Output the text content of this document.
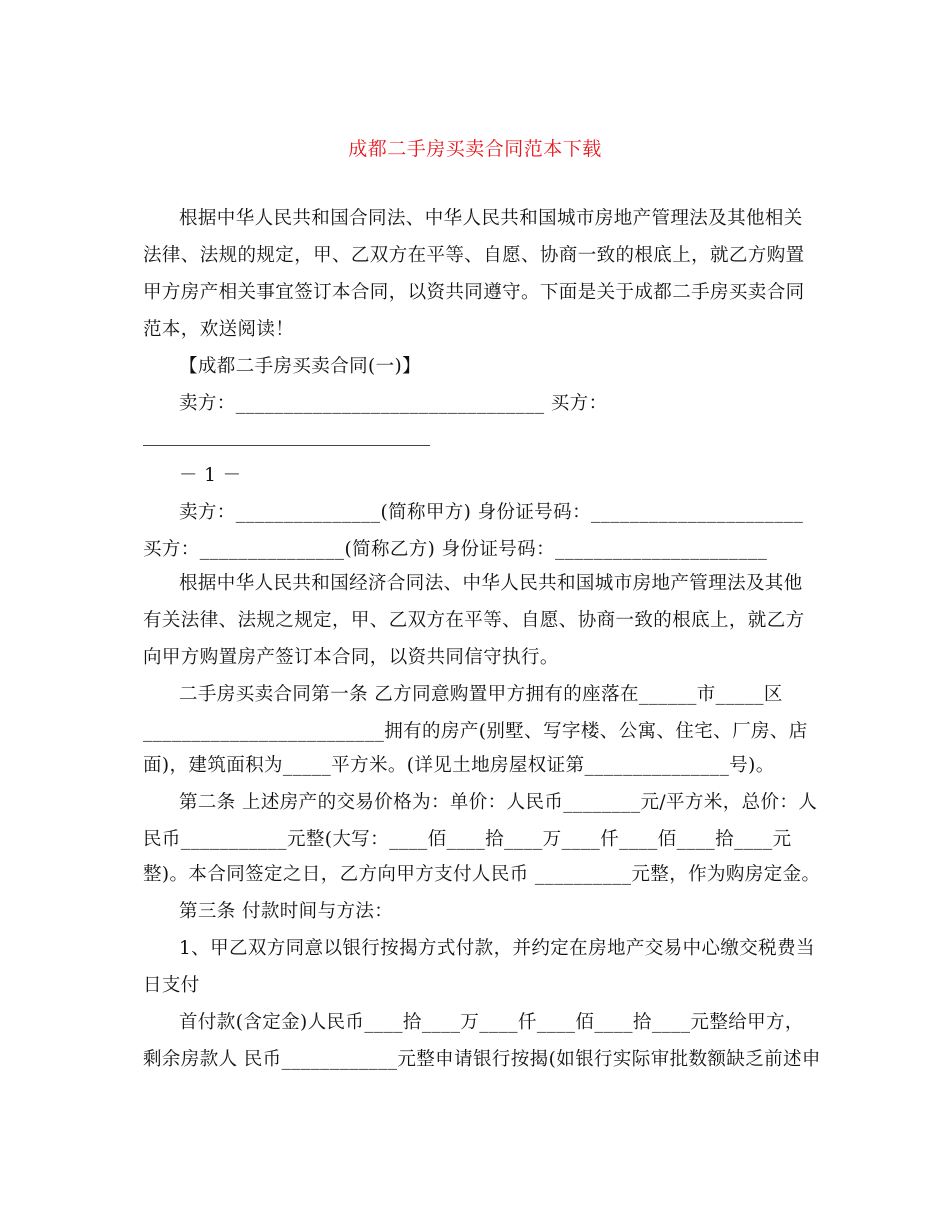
成都二手房买卖合同范本下载
根据中华人民共和国合同法、中华人民共和国城市房地产管理法及其他相关
法律、法规的规定，甲、乙双方在平等、自愿、协商一致的根底上，就乙方购置
甲方房产相关事宜签订本合同，以资共同遵守。下面是关于成都二手房买卖合同
范本，欢送阅读！
【成都二手房买卖合同(一)】
卖方：________________________________ 买方：
－ 1 －
卖方：_______________(简称甲方) 身份证号码：______________________
买方：_______________(简称乙方) 身份证号码：______________________
根据中华人民共和国经济合同法、中华人民共和国城市房地产管理法及其他
有关法律、法规之规定，甲、乙双方在平等、自愿、协商一致的根底上，就乙方
向甲方购置房产签订本合同，以资共同信守执行。
二手房买卖合同第一条 乙方同意购置甲方拥有的座落在______市_____区
_________________________拥有的房产(别墅、写字楼、公寓、住宅、厂房、店
面)，建筑面积为_____平方米。(详见土地房屋权证第_______________号)。
第二条 上述房产的交易价格为：单价：人民币________元/平方米，总价：人
民币___________元整(大写：____佰____拾____万____仟____佰____拾____元
整)。本合同签定之日，乙方向甲方支付人民币 __________元整，作为购房定金。
第三条 付款时间与方法：
1、甲乙双方同意以银行按揭方式付款，并约定在房地产交易中心缴交税费当
日支付
首付款(含定金)人民币____拾____万____仟____佰____拾____元整给甲方，
剩余房款人 民币____________元整申请银行按揭(如银行实际审批数额缺乏前述申
